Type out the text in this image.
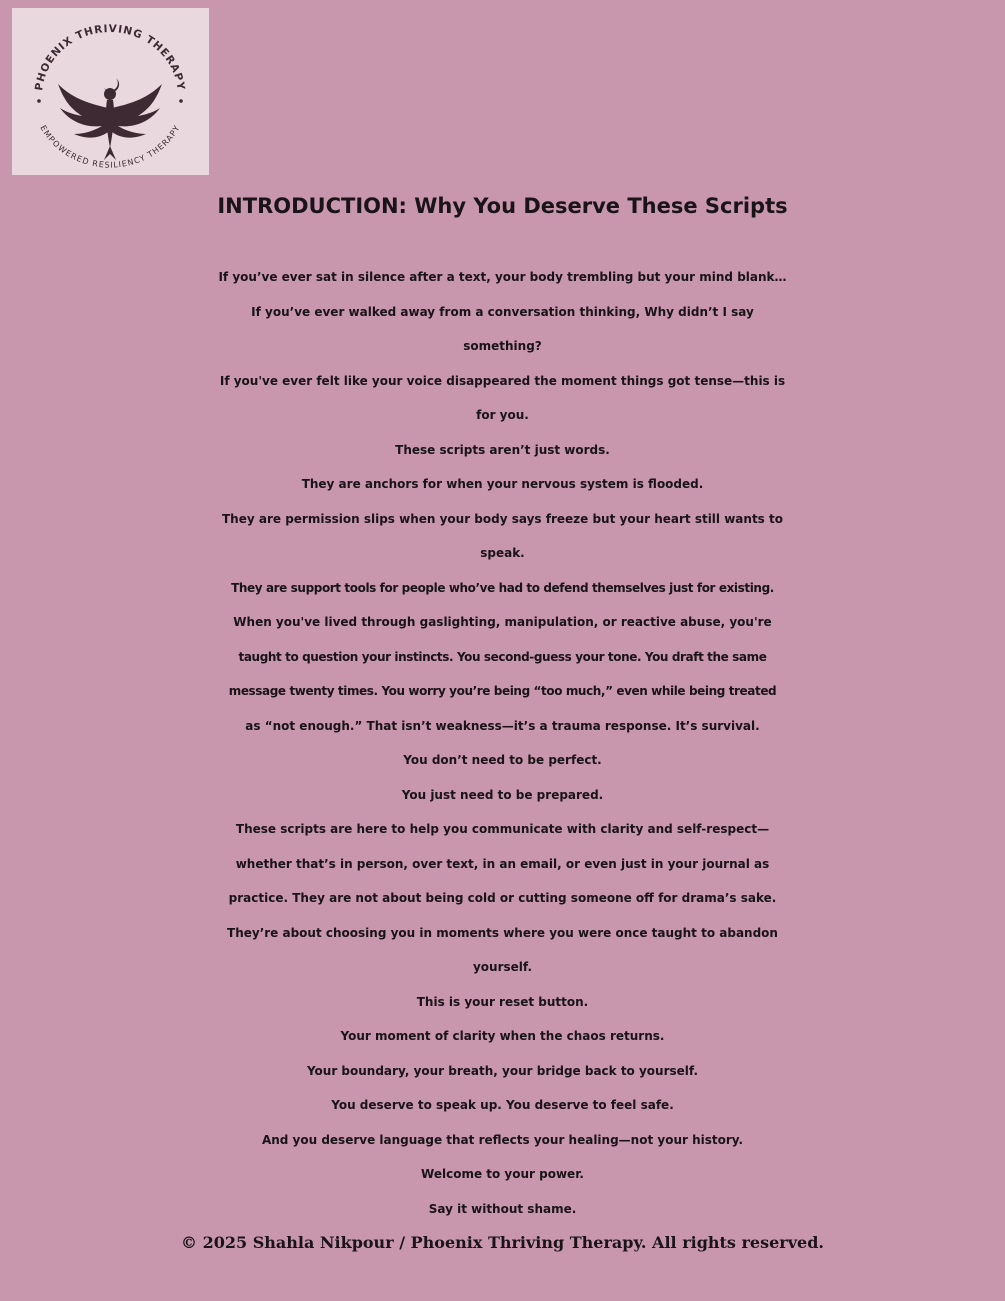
PHOENIX THRIVING THERAPY
EMPOWERED RESILIENCY THERAPY
INTRODUCTION: Why You Deserve These Scripts
If you’ve ever sat in silence after a text, your body trembling but your mind blank…
If you’ve ever walked away from a conversation thinking, Why didn’t I say
something?
If you've ever felt like your voice disappeared the moment things got tense—this is
for you.
These scripts aren’t just words.
They are anchors for when your nervous system is flooded.
They are permission slips when your body says freeze but your heart still wants to
speak.
They are support tools for people who’ve had to defend themselves just for existing.
When you've lived through gaslighting, manipulation, or reactive abuse, you're
taught to question your instincts. You second-guess your tone. You draft the same
message twenty times. You worry you’re being “too much,” even while being treated
as “not enough.” That isn’t weakness—it’s a trauma response. It’s survival.
You don’t need to be perfect.
You just need to be prepared.
These scripts are here to help you communicate with clarity and self-respect—
whether that’s in person, over text, in an email, or even just in your journal as
practice. They are not about being cold or cutting someone off for drama’s sake.
They’re about choosing you in moments where you were once taught to abandon
yourself.
This is your reset button.
Your moment of clarity when the chaos returns.
Your boundary, your breath, your bridge back to yourself.
You deserve to speak up. You deserve to feel safe.
And you deserve language that reflects your healing—not your history.
Welcome to your power.
Say it without shame.
© 2025 Shahla Nikpour / Phoenix Thriving Therapy. All rights reserved.
